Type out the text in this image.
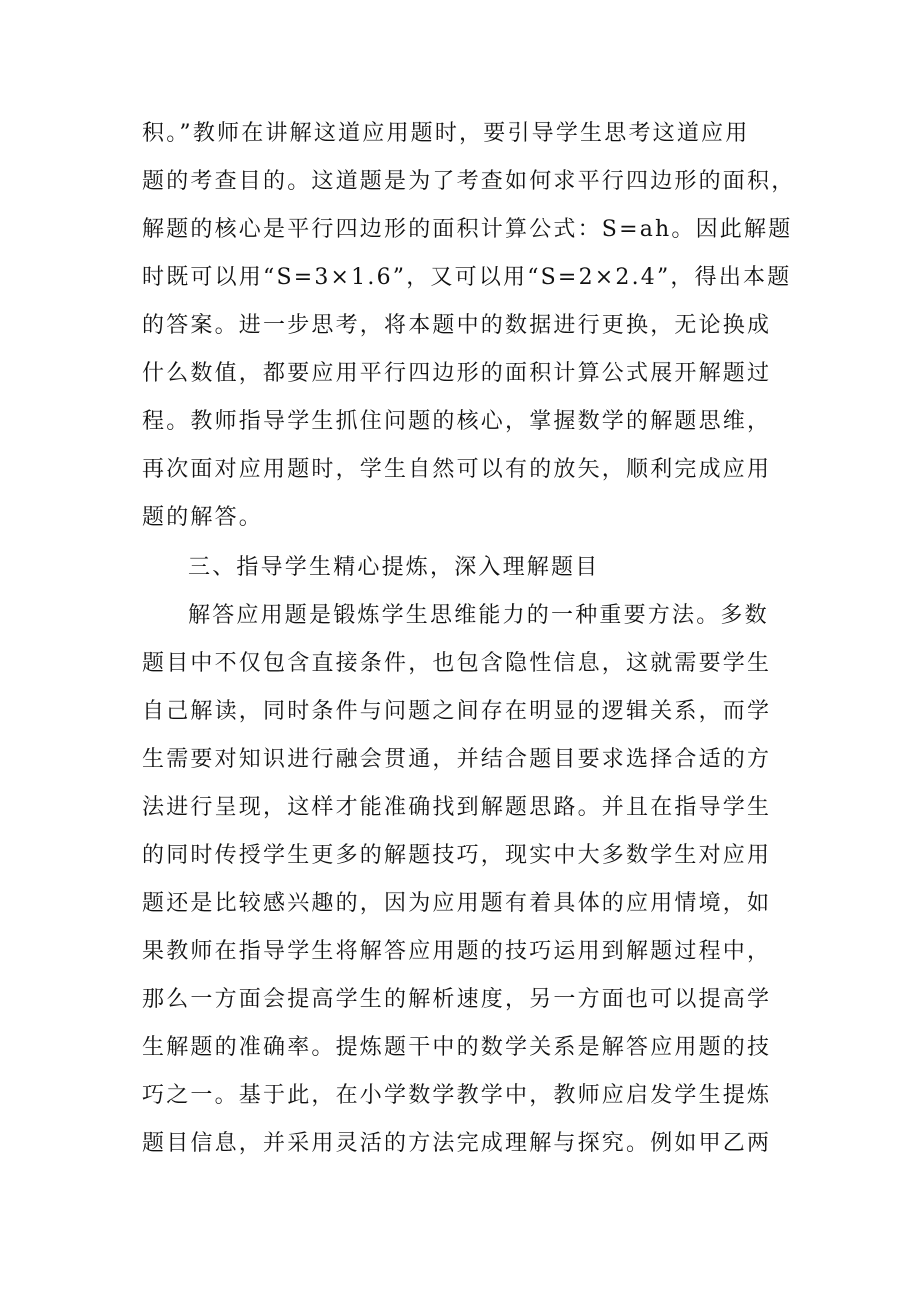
积。”教师在讲解这道应用题时，要引导学生思考这道应用
题的考查目的。这道题是为了考查如何求平行四边形的面积，
解题的核心是平行四边形的面积计算公式：S=ah。因此解题
时既可以用“S=3×1.6”，又可以用“S=2×2.4”，得出本题
的答案。进一步思考，将本题中的数据进行更换，无论换成
什么数值，都要应用平行四边形的面积计算公式展开解题过
程。教师指导学生抓住问题的核心，掌握数学的解题思维，
再次面对应用题时，学生自然可以有的放矢，顺利完成应用
题的解答。
三、指导学生精心提炼，深入理解题目
解答应用题是锻炼学生思维能力的一种重要方法。多数
题目中不仅包含直接条件，也包含隐性信息，这就需要学生
自己解读，同时条件与问题之间存在明显的逻辑关系，而学
生需要对知识进行融会贯通，并结合题目要求选择合适的方
法进行呈现，这样才能准确找到解题思路。并且在指导学生
的同时传授学生更多的解题技巧，现实中大多数学生对应用
题还是比较感兴趣的，因为应用题有着具体的应用情境，如
果教师在指导学生将解答应用题的技巧运用到解题过程中，
那么一方面会提高学生的解析速度，另一方面也可以提高学
生解题的准确率。提炼题干中的数学关系是解答应用题的技
巧之一。基于此，在小学数学教学中，教师应启发学生提炼
题目信息，并采用灵活的方法完成理解与探究。例如甲乙两
